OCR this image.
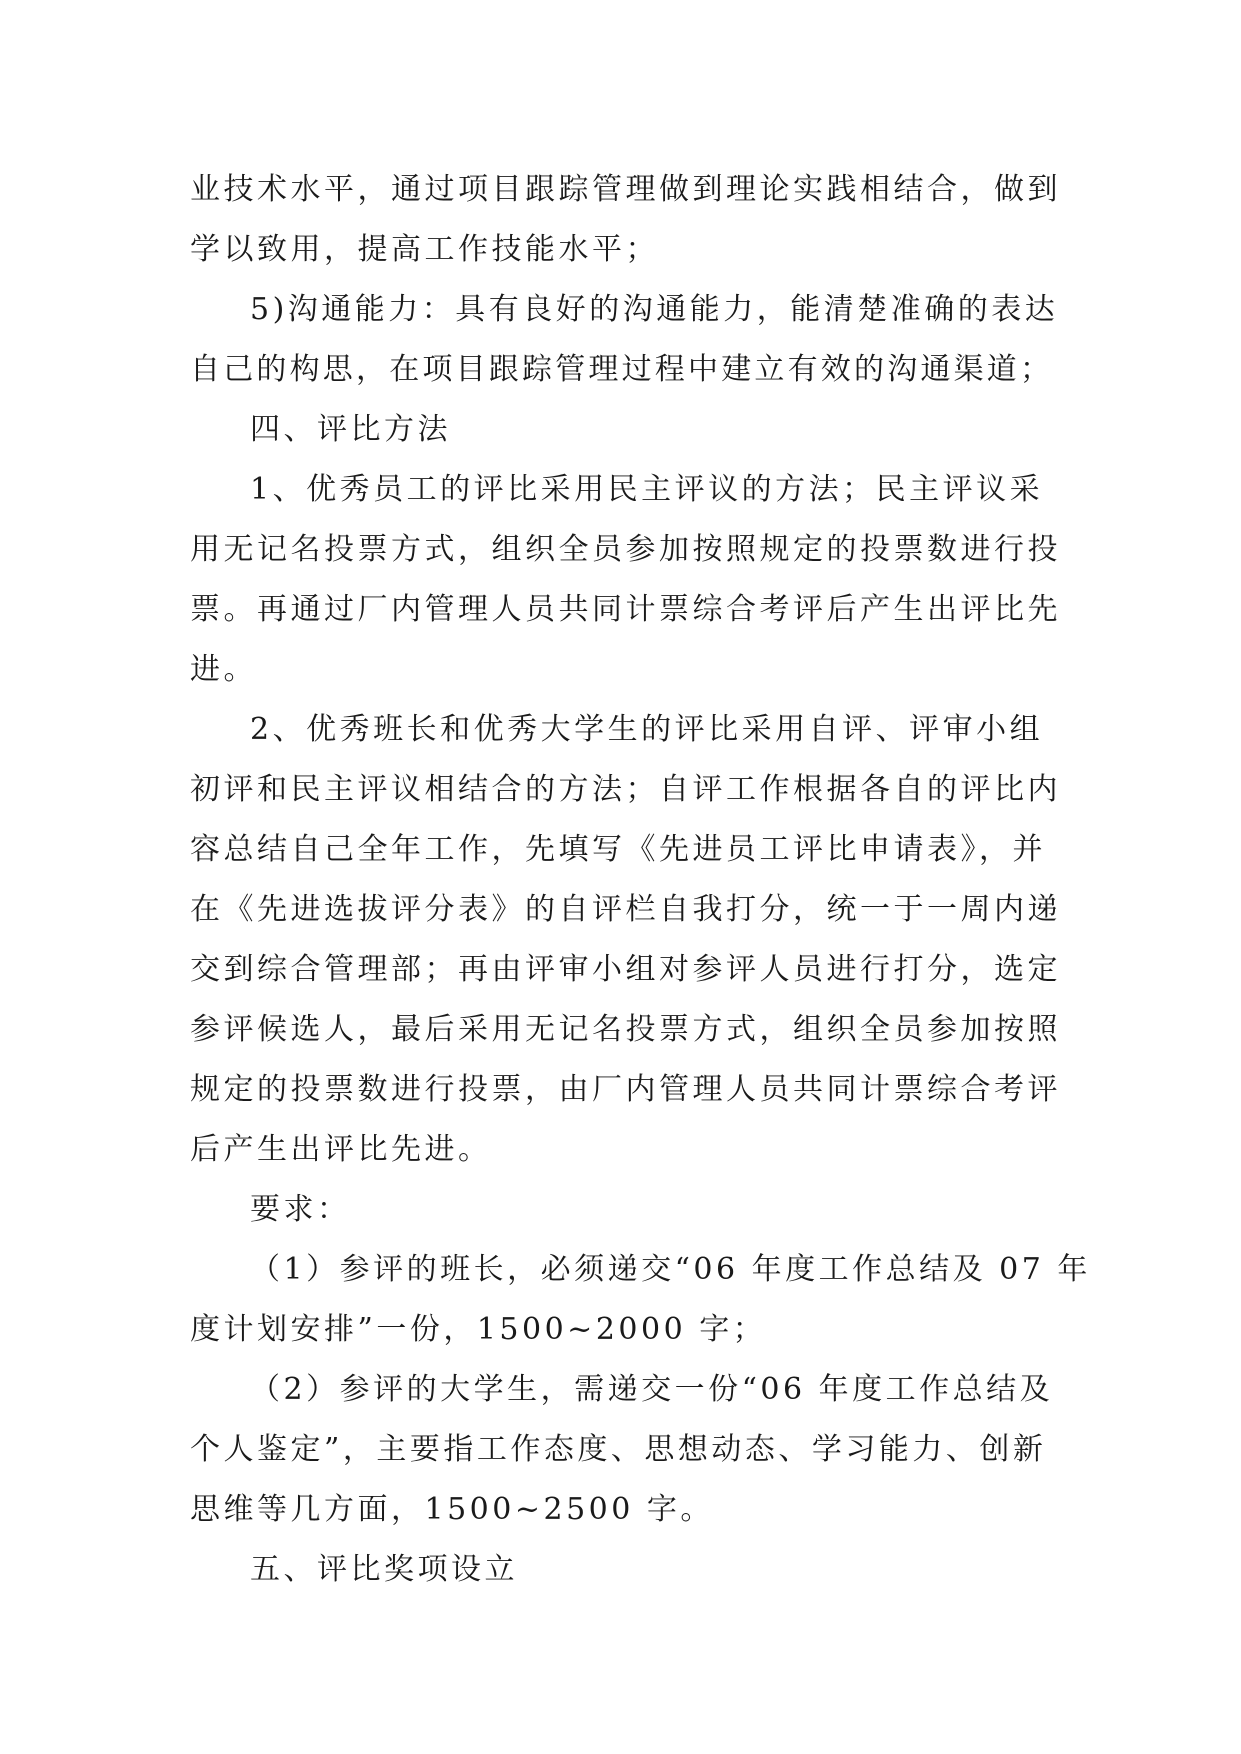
业技术水平，通过项目跟踪管理做到理论实践相结合，做到
学以致用，提高工作技能水平；
5)沟通能力：具有良好的沟通能力，能清楚准确的表达
自己的构思，在项目跟踪管理过程中建立有效的沟通渠道；
四、评比方法
1、优秀员工的评比采用民主评议的方法；民主评议采
用无记名投票方式，组织全员参加按照规定的投票数进行投
票。再通过厂内管理人员共同计票综合考评后产生出评比先
进。
2、优秀班长和优秀大学生的评比采用自评、评审小组
初评和民主评议相结合的方法；自评工作根据各自的评比内
容总结自己全年工作，先填写《先进员工评比申请表》，并
在《先进选拔评分表》的自评栏自我打分，统一于一周内递
交到综合管理部；再由评审小组对参评人员进行打分，选定
参评候选人，最后采用无记名投票方式，组织全员参加按照
规定的投票数进行投票，由厂内管理人员共同计票综合考评
后产生出评比先进。
要求：
（1）参评的班长，必须递交“06 年度工作总结及 07 年
度计划安排”一份，1500~2000 字；
（2）参评的大学生，需递交一份“06 年度工作总结及
个人鉴定”，主要指工作态度、思想动态、学习能力、创新
思维等几方面，1500~2500 字。
五、评比奖项设立
